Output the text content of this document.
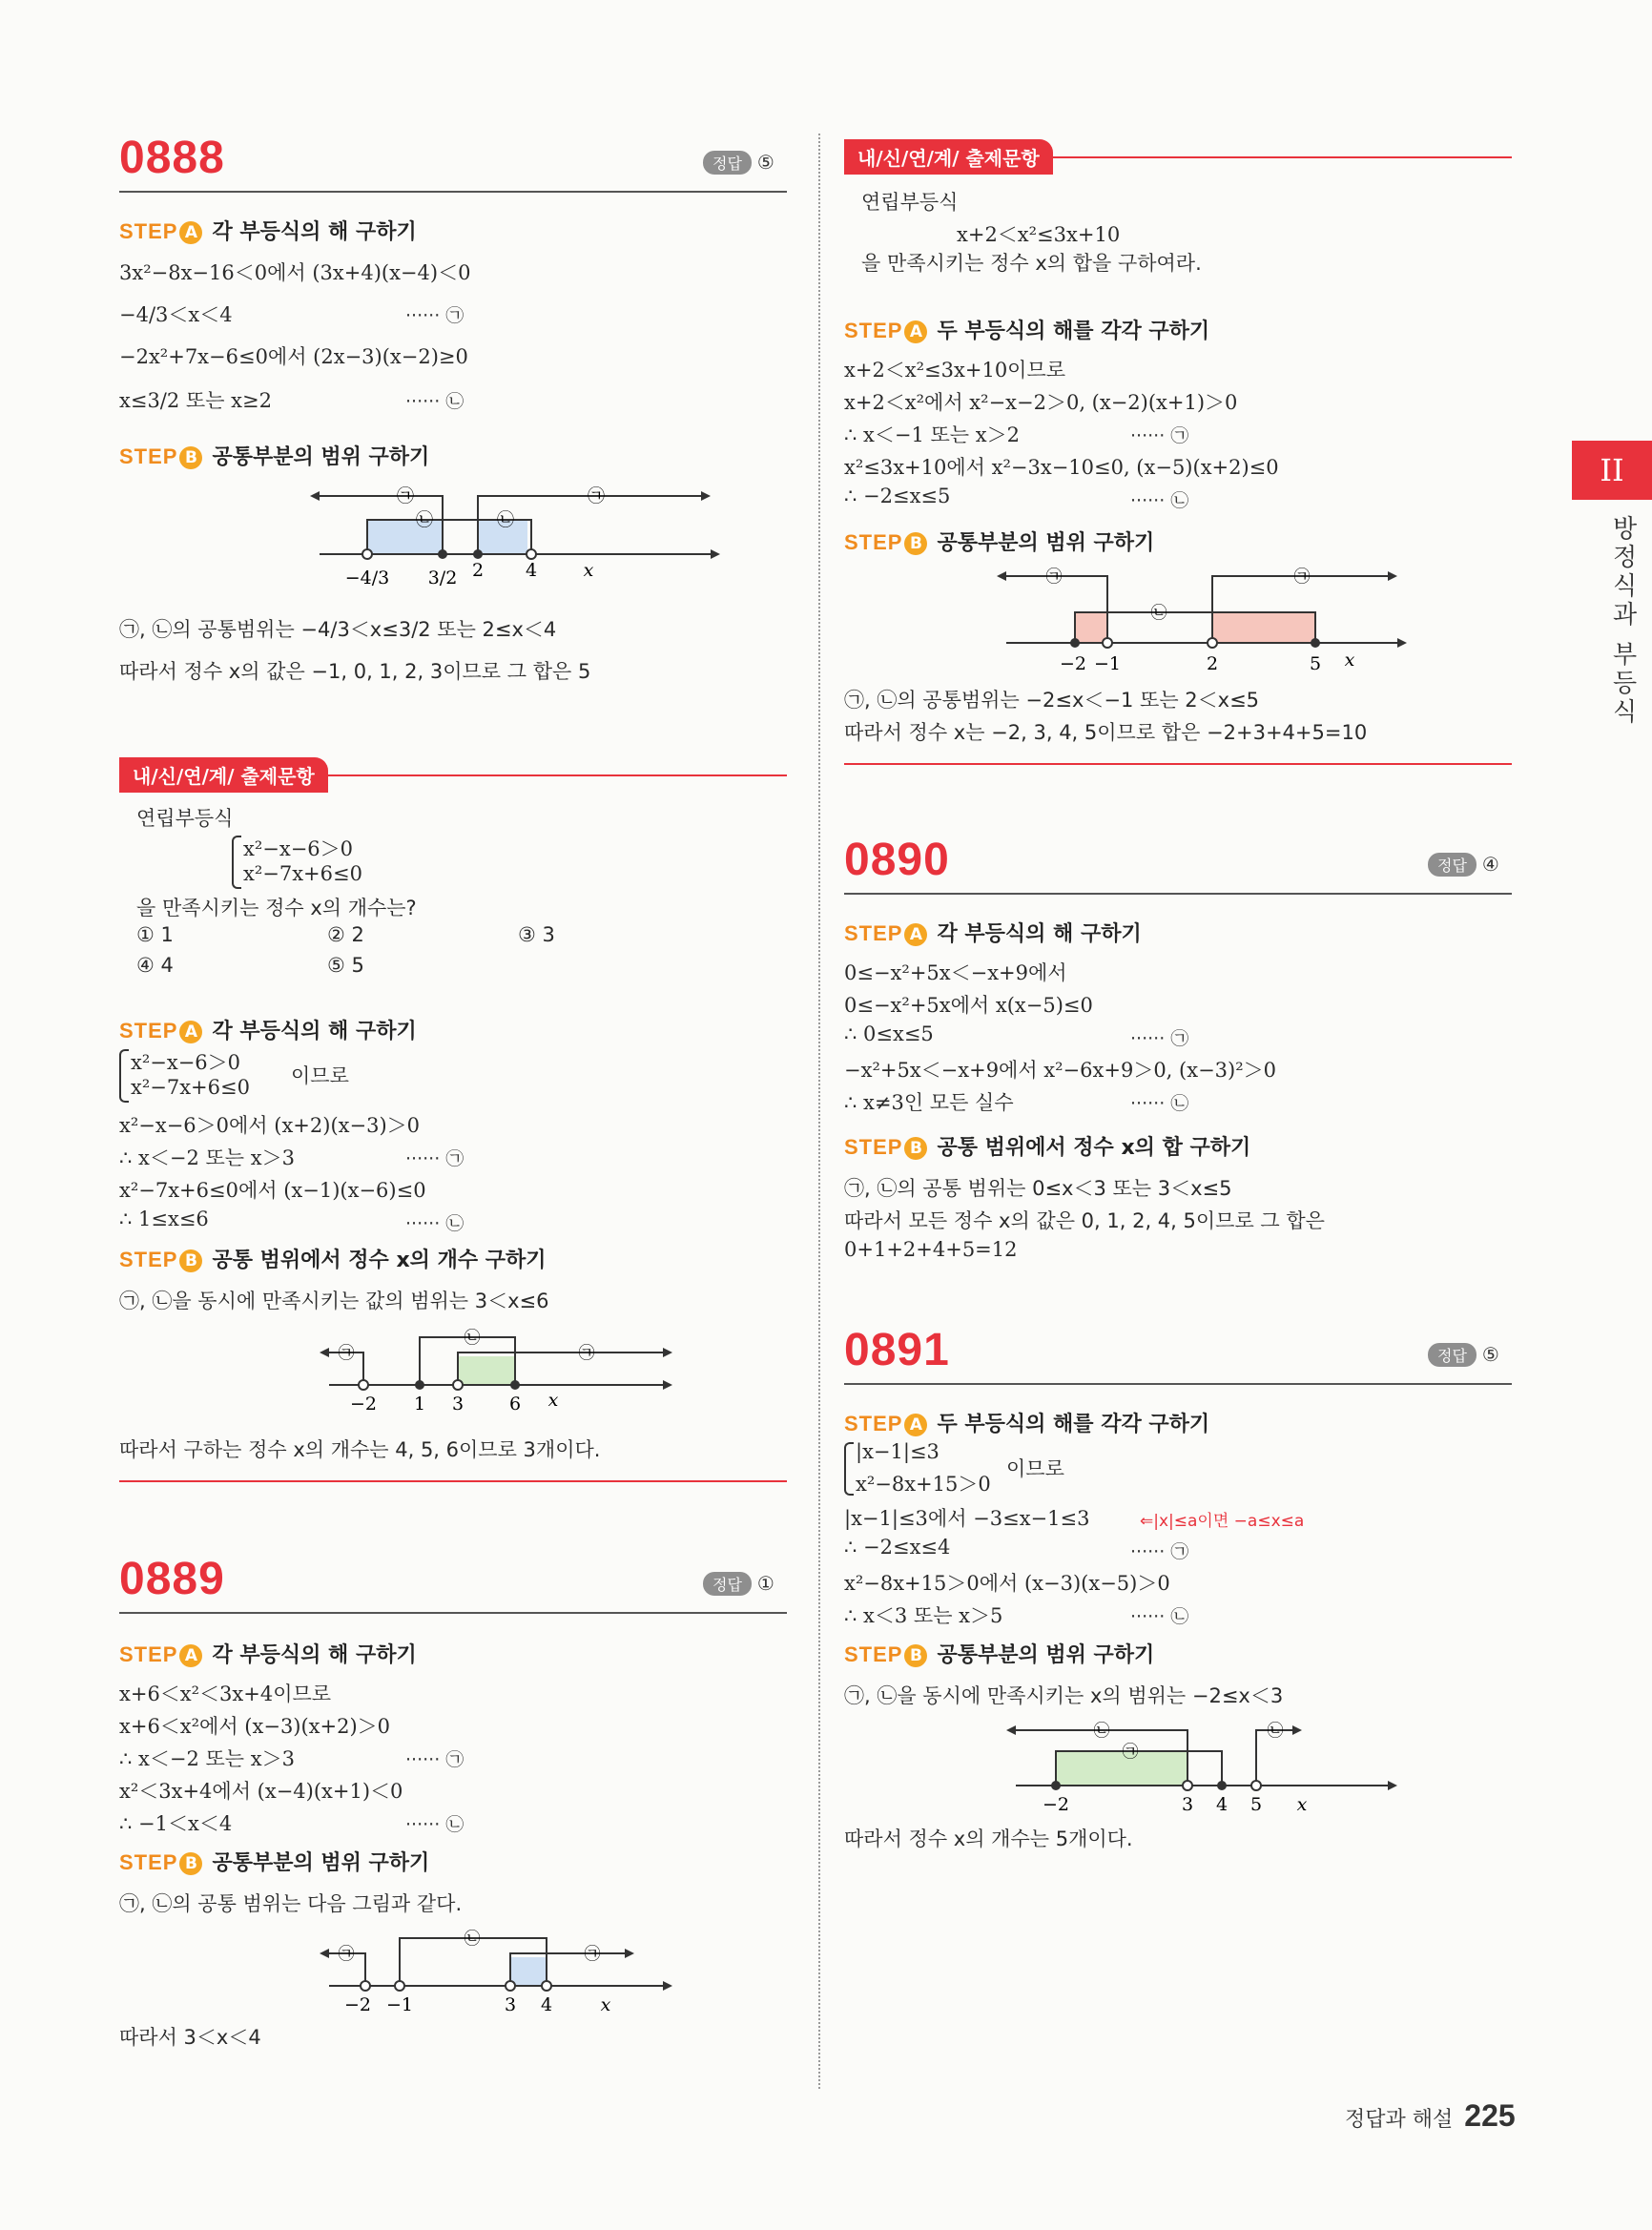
0888	정답 ⑤
STEP A 각 부등식의 해 구하기
3x²−8x−16＜0에서 (3x+4)(x−4)＜0
−4/3＜x＜4	······ ㉠
−2x²+7x−6≤0에서 (2x−3)(x−2)≥0
x≤3/2 또는 x≥2	······ ㉡
STEP B 공통부분의 범위 구하기
㉠
㉡	㉡
㉠
−4/3 3/2 2 4	x
㉠, ㉡의 공통범위는 −4/3＜x≤3/2 또는 2≤x＜4
따라서 정수 x의 값은 −1, 0, 1, 2, 3이므로 그 합은 5
내/신/연/계/ 출제문항
연립부등식
x²−x−6＞0
x²−7x+6≤0
을 만족시키는 정수 x의 개수는?
① 1	② 2	③ 3
④ 4	⑤ 5
STEP A 각 부등식의 해 구하기
x²−x−6＞0
x²−7x+6≤0 이므로
x²−x−6＞0에서 (x+2)(x−3)＞0
∴ x＜−2 또는 x＞3	······ ㉠
x²−7x+6≤0에서 (x−1)(x−6)≤0
∴ 1≤x≤6	······ ㉡
STEP B 공통 범위에서 정수 x의 개수 구하기
㉠, ㉡을 동시에 만족시키는 값의 범위는 3＜x≤6
㉠
㉡
㉠
−2 1 3	6 x
따라서 구하는 정수 x의 개수는 4, 5, 6이므로 3개이다.
0889	정답 ①
STEP A 각 부등식의 해 구하기
x+6＜x²＜3x+4이므로
x+6＜x²에서 (x−3)(x+2)＞0
∴ x＜−2 또는 x＞3	······ ㉠
x²＜3x+4에서 (x−4)(x+1)＜0
∴ −1＜x＜4	······ ㉡
STEP B 공통부분의 범위 구하기
㉠, ㉡의 공통 범위는 다음 그림과 같다.
㉠
㉡
㉠
−2 −1	3 4	x
따라서 3＜x＜4
내/신/연/계/ 출제문항
연립부등식
x+2＜x²≤3x+10
을 만족시키는 정수 x의 합을 구하여라.
STEP A 두 부등식의 해를 각각 구하기
x+2＜x²≤3x+10이므로
x+2＜x²에서 x²−x−2＞0, (x−2)(x+1)＞0
∴ x＜−1 또는 x＞2	······ ㉠
x²≤3x+10에서 x²−3x−10≤0, (x−5)(x+2)≤0
∴ −2≤x≤5	······ ㉡
STEP B 공통부분의 범위 구하기
㉠
㉡
㉠
−2 −1	2	5 x
㉠, ㉡의 공통범위는 −2≤x＜−1 또는 2＜x≤5
따라서 정수 x는 −2, 3, 4, 5이므로 합은 −2+3+4+5=10
0890	정답 ④
STEP A 각 부등식의 해 구하기
0≤−x²+5x＜−x+9에서
0≤−x²+5x에서 x(x−5)≤0
∴ 0≤x≤5	······ ㉠
−x²+5x＜−x+9에서 x²−6x+9＞0, (x−3)²＞0
∴ x≠3인 모든 실수	······ ㉡
STEP B 공통 범위에서 정수 x의 합 구하기
㉠, ㉡의 공통 범위는 0≤x＜3 또는 3＜x≤5
따라서 모든 정수 x의 값은 0, 1, 2, 4, 5이므로 그 합은
0+1+2+4+5=12
0891	정답 ⑤
STEP A 두 부등식의 해를 각각 구하기
|x−1|≤3
x²−8x+15＞0
이므로
|x−1|≤3에서 −3≤x−1≤3	⇐|x|≤a이면 −a≤x≤a
∴ −2≤x≤4	······ ㉠
x²−8x+15＞0에서 (x−3)(x−5)＞0
∴ x＜3 또는 x＞5	······ ㉡
STEP B 공통부분의 범위 구하기
㉠, ㉡을 동시에 만족시키는 x의 범위는 −2≤x＜3
㉡
㉠
㉡
−2	3 4 5 x
따라서 정수 x의 개수는 5개이다.
II
방정식과 부등식
정답과 해설 225
